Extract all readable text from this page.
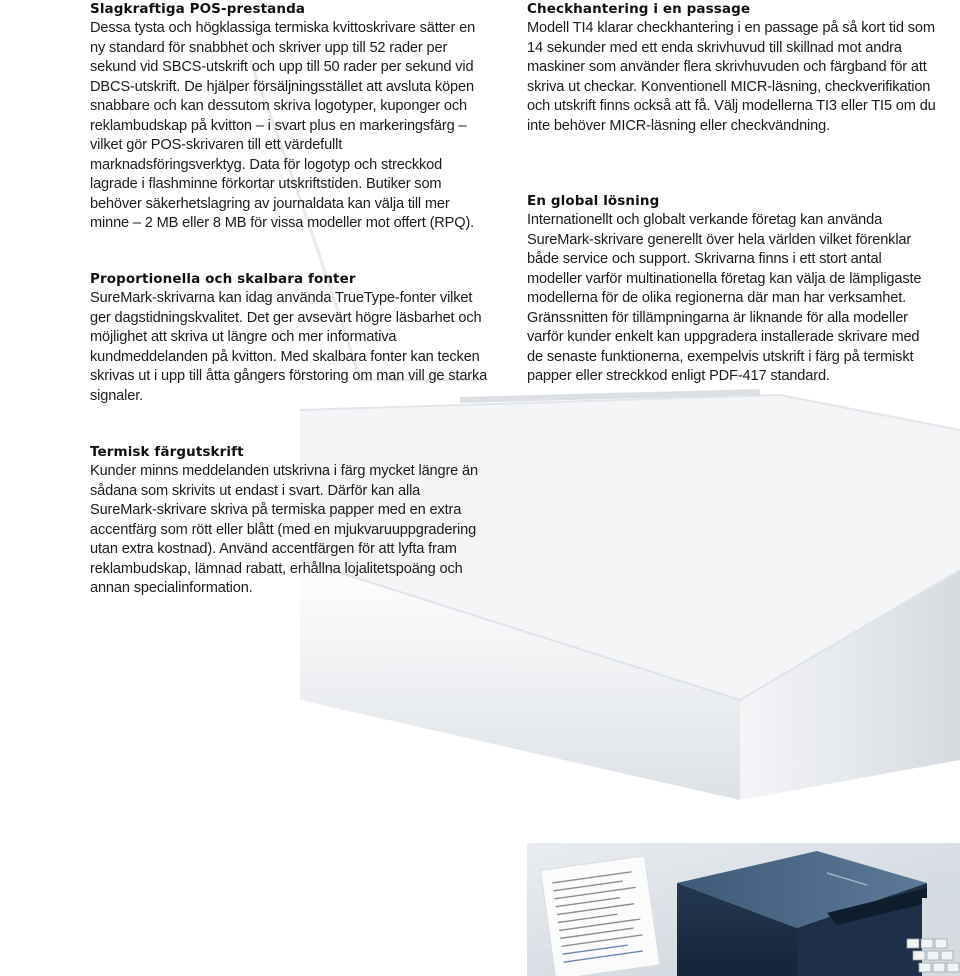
Slagkraftiga POS-prestanda

Dessa tysta och högklassiga termiska kvittoskrivare sätter en ny standard för snabbhet och skriver upp till 52 rader per sekund vid SBCS-utskrift och upp till 50 rader per sekund vid DBCS-utskrift. De hjälper försäljningsstället att avsluta köpen snabbare och kan dessutom skriva logotyper, kuponger och reklambudskap på kvitton – i svart plus en markeringsfärg – vilket gör POS-skrivaren till ett värdefullt marknadsföringsverktyg. Data för logotyp och streckkod lagrade i flashminne förkortar utskriftstiden. Butiker som behöver säkerhetslagring av journaldata kan välja till mer minne – 2 MB eller 8 MB för vissa modeller mot offert (RPQ).

Proportionella och skalbara fonter

SureMark-skrivarna kan idag använda TrueType-fonter vilket ger dagstidningskvalitet. Det ger avsevärt högre läsbarhet och möjlighet att skriva ut längre och mer informativa kundmeddelanden på kvitton. Med skalbara fonter kan tecken skrivas ut i upp till åtta gångers förstoring om man vill ge starka signaler.

Termisk färgutskrift

Kunder minns meddelanden utskrivna i färg mycket längre än sådana som skrivits ut endast i svart. Därför kan alla SureMark-skrivare skriva på termiska papper med en extra accentfärg som rött eller blått (med en mjukvaruuppgradering utan extra kostnad). Använd accentfärgen för att lyfta fram reklambudskap, lämnad rabatt, erhållna lojalitetspoäng och annan specialinformation.

Checkhantering i en passage

Modell TI4 klarar checkhantering i en passage på så kort tid som 14 sekunder med ett enda skrivhuvud till skillnad mot andra maskiner som använder flera skrivhuvuden och färgband för att skriva ut checkar. Konventionell MICR-läsning, checkverifikation och utskrift finns också att få. Välj modellerna TI3 eller TI5 om du inte behöver MICR-läsning eller checkvändning.

En global lösning

Internationellt och globalt verkande företag kan använda SureMark-skrivare generellt över hela världen vilket förenklar både service och support. Skrivarna finns i ett stort antal modeller varför multinationella företag kan välja de lämpligaste modellerna för de olika regionerna där man har verksamhet. Gränssnitten för tillämpningarna är liknande för alla modeller varför kunder enkelt kan uppgradera installerade skrivare med de senaste funktionerna, exempelvis utskrift i färg på termiskt papper eller streckkod enligt PDF-417 standard.
